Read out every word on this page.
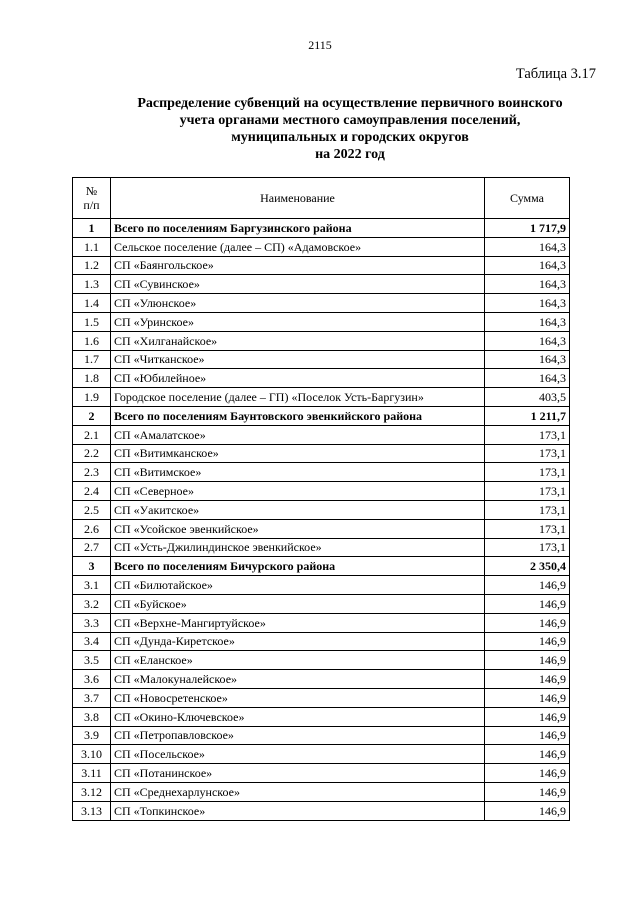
2115
Таблица 3.17
Распределение субвенций на осуществление первичного воинского
учета органами местного самоуправления поселений,
муниципальных и городских округов
на 2022 год
№
п/п	Наименование	Сумма
1	Всего по поселениям Баргузинского района	1 717,9
1.1	Сельское поселение (далее – СП) «Адамовское»	164,3
1.2	СП «Баянгольское»	164,3
1.3	СП «Сувинское»	164,3
1.4	СП «Улюнское»	164,3
1.5	СП «Уринское»	164,3
1.6	СП «Хилганайское»	164,3
1.7	СП «Читканское»	164,3
1.8	СП «Юбилейное»	164,3
1.9	Городское поселение (далее – ГП) «Поселок Усть-Баргузин»	403,5
2	Всего по поселениям Баунтовского эвенкийского района	1 211,7
2.1	СП «Амалатское»	173,1
2.2	СП «Витимканское»	173,1
2.3	СП «Витимское»	173,1
2.4	СП «Северное»	173,1
2.5	СП «Уакитское»	173,1
2.6	СП «Усойское эвенкийское»	173,1
2.7	СП «Усть-Джилиндинское эвенкийское»	173,1
3	Всего по поселениям Бичурского района	2 350,4
3.1	СП «Билютайское»	146,9
3.2	СП «Буйское»	146,9
3.3	СП «Верхне-Мангиртуйское»	146,9
3.4	СП «Дунда-Киретское»	146,9
3.5	СП «Еланское»	146,9
3.6	СП «Малокуналейское»	146,9
3.7	СП «Новосретенское»	146,9
3.8	СП «Окино-Ключевское»	146,9
3.9	СП «Петропавловское»	146,9
3.10	СП «Посельское»	146,9
3.11	СП «Потанинское»	146,9
3.12	СП «Среднехарлунское»	146,9
3.13	СП «Топкинское»	146,9
